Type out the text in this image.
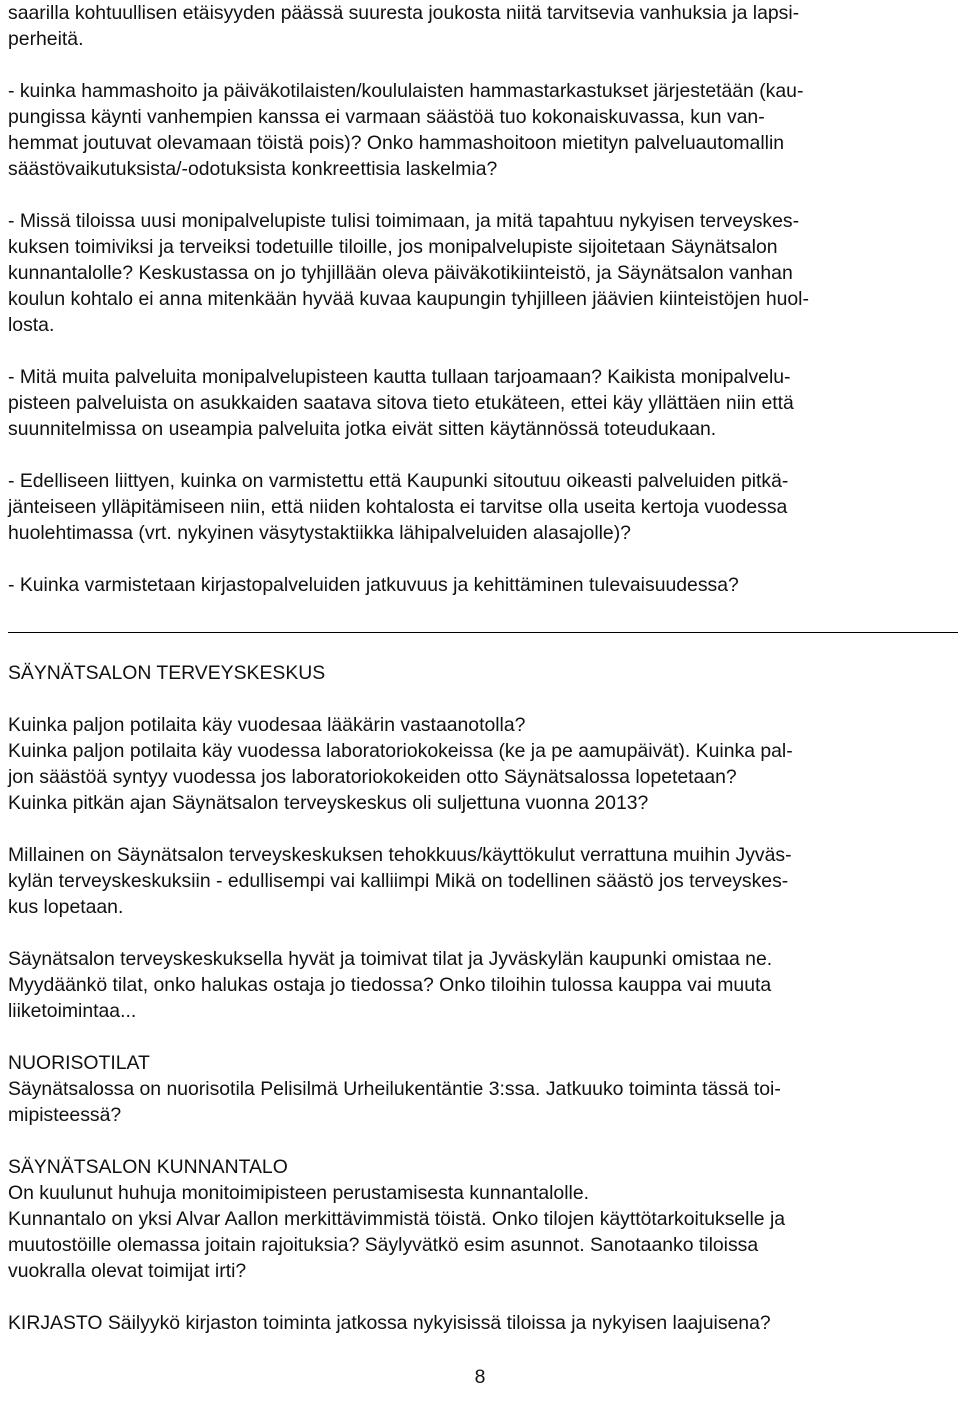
saarilla kohtuullisen etäisyyden päässä suuresta joukosta niitä tarvitsevia vanhuksia ja lapsi-
perheitä.

- kuinka hammashoito ja päiväkotilaisten/koululaisten hammastarkastukset järjestetään (kau-
pungissa käynti vanhempien kanssa ei varmaan säästöä tuo kokonaiskuvassa, kun van-
hemmat joutuvat olevamaan töistä pois)? Onko hammashoitoon mietityn palveluautomallin
säästövaikutuksista/-odotuksista konkreettisia laskelmia?

- Missä tiloissa uusi monipalvelupiste tulisi toimimaan, ja mitä tapahtuu nykyisen terveyskes-
kuksen toimiviksi ja terveiksi todetuille tiloille, jos monipalvelupiste sijoitetaan Säynätsalon
kunnantalolle? Keskustassa on jo tyhjillään oleva päiväkotikiinteistö, ja Säynätsalon vanhan
koulun kohtalo ei anna mitenkään hyvää kuvaa kaupungin tyhjilleen jäävien kiinteistöjen huol-
losta.

- Mitä muita palveluita monipalvelupisteen kautta tullaan tarjoamaan? Kaikista monipalvelu-
pisteen palveluista on asukkaiden saatava sitova tieto etukäteen, ettei käy yllättäen niin että
suunnitelmissa on useampia palveluita jotka eivät sitten käytännössä toteudukaan.

- Edelliseen liittyen, kuinka on varmistettu että Kaupunki sitoutuu oikeasti palveluiden pitkä-
jänteiseen ylläpitämiseen niin, että niiden kohtalosta ei tarvitse olla useita kertoja vuodessa
huolehtimassa (vrt. nykyinen väsytystaktiikka lähipalveluiden alasajolle)?

- Kuinka varmistetaan kirjastopalveluiden jatkuvuus ja kehittäminen tulevaisuudessa?

SÄYNÄTSALON TERVEYSKESKUS

Kuinka paljon potilaita käy vuodesaa lääkärin vastaanotolla?
Kuinka paljon potilaita käy vuodessa laboratoriokokeissa (ke ja pe aamupäivät). Kuinka pal-
jon säästöä syntyy vuodessa jos laboratoriokokeiden otto Säynätsalossa lopetetaan?
Kuinka pitkän ajan Säynätsalon terveyskeskus oli suljettuna vuonna 2013?

Millainen on Säynätsalon terveyskeskuksen tehokkuus/käyttökulut verrattuna muihin Jyväs-
kylän terveyskeskuksiin - edullisempi vai kalliimpi Mikä on todellinen säästö jos terveyskes-
kus lopetaan.

Säynätsalon terveyskeskuksella hyvät ja toimivat tilat ja Jyväskylän kaupunki omistaa ne.
Myydäänkö tilat, onko halukas ostaja jo tiedossa? Onko tiloihin tulossa kauppa vai muuta
liiketoimintaa...

NUORISOTILAT
Säynätsalossa on nuorisotila Pelisilmä Urheilukentäntie 3:ssa. Jatkuuko toiminta tässä toi-
mipisteessä?

SÄYNÄTSALON KUNNANTALO
On kuulunut huhuja monitoimipisteen perustamisesta kunnantalolle.
Kunnantalo on yksi Alvar Aallon merkittävimmistä töistä. Onko tilojen käyttötarkoitukselle ja
muutostöille olemassa joitain rajoituksia? Säylyvätkö esim asunnot. Sanotaanko tiloissa
vuokralla olevat toimijat irti?

KIRJASTO Säilyykö kirjaston toiminta jatkossa nykyisissä tiloissa ja nykyisen laajuisena?

8
